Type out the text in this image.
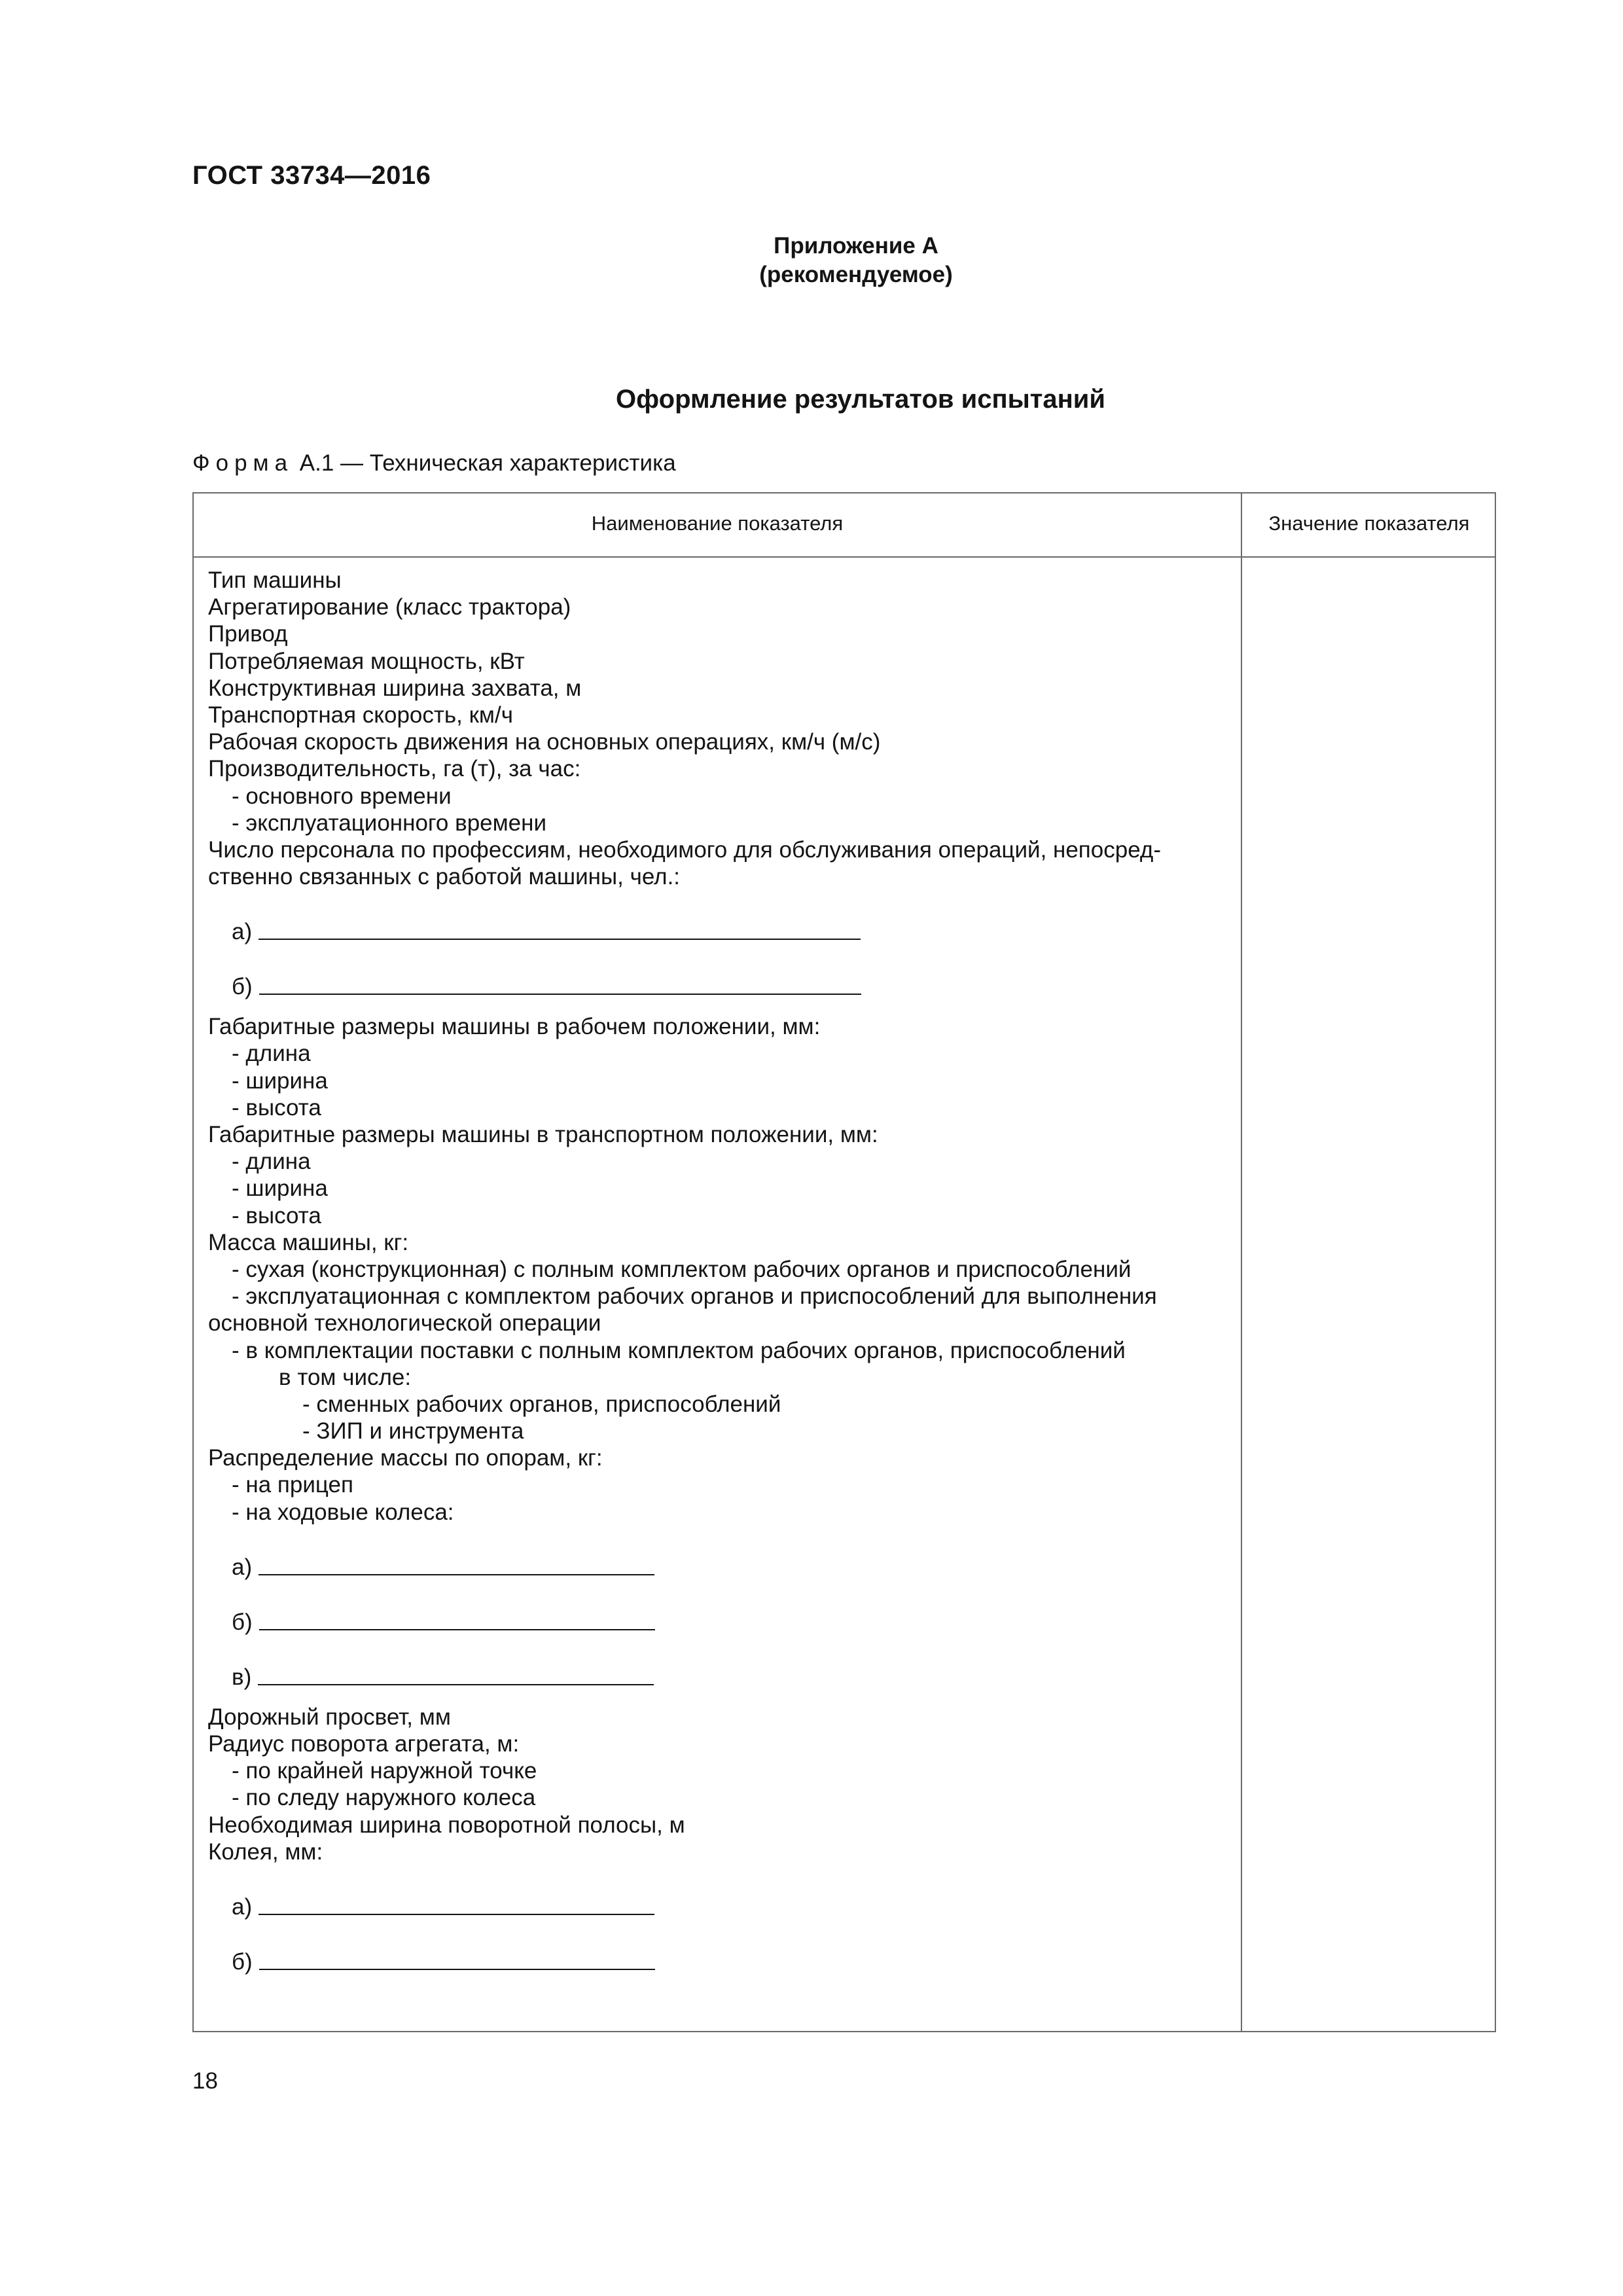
ГОСТ 33734—2016
Приложение А
(рекомендуемое)
Оформление результатов испытаний
Форма А.1 — Техническая характеристика
Наименование показателя	Значение показателя
Тип машины
Агрегатирование (класс трактора)
Привод
Потребляемая мощность, кВт
Конструктивная ширина захвата, м
Транспортная скорость, км/ч
Рабочая скорость движения на основных операциях, км/ч (м/с)
Производительность, га (т), за час:
- основного времени
- эксплуатационного времени
Число персонала по профессиям, необходимого для обслуживания операций, непосред-
ственно связанных с работой машины, чел.:
а)
б)
Габаритные размеры машины в рабочем положении, мм:
- длина
- ширина
- высота
Габаритные размеры машины в транспортном положении, мм:
- длина
- ширина
- высота
Масса машины, кг:
- сухая (конструкционная) с полным комплектом рабочих органов и приспособлений
- эксплуатационная с комплектом рабочих органов и приспособлений для выполнения
основной технологической операции
- в комплектации поставки с полным комплектом рабочих органов, приспособлений
в том числе:
- сменных рабочих органов, приспособлений
- ЗИП и инструмента
Распределение массы по опорам, кг:
- на прицеп
- на ходовые колеса:
а)
б)
в)
Дорожный просвет, мм
Радиус поворота агрегата, м:
- по крайней наружной точке
- по следу наружного колеса
Необходимая ширина поворотной полосы, м
Колея, мм:
а)
б)
18
